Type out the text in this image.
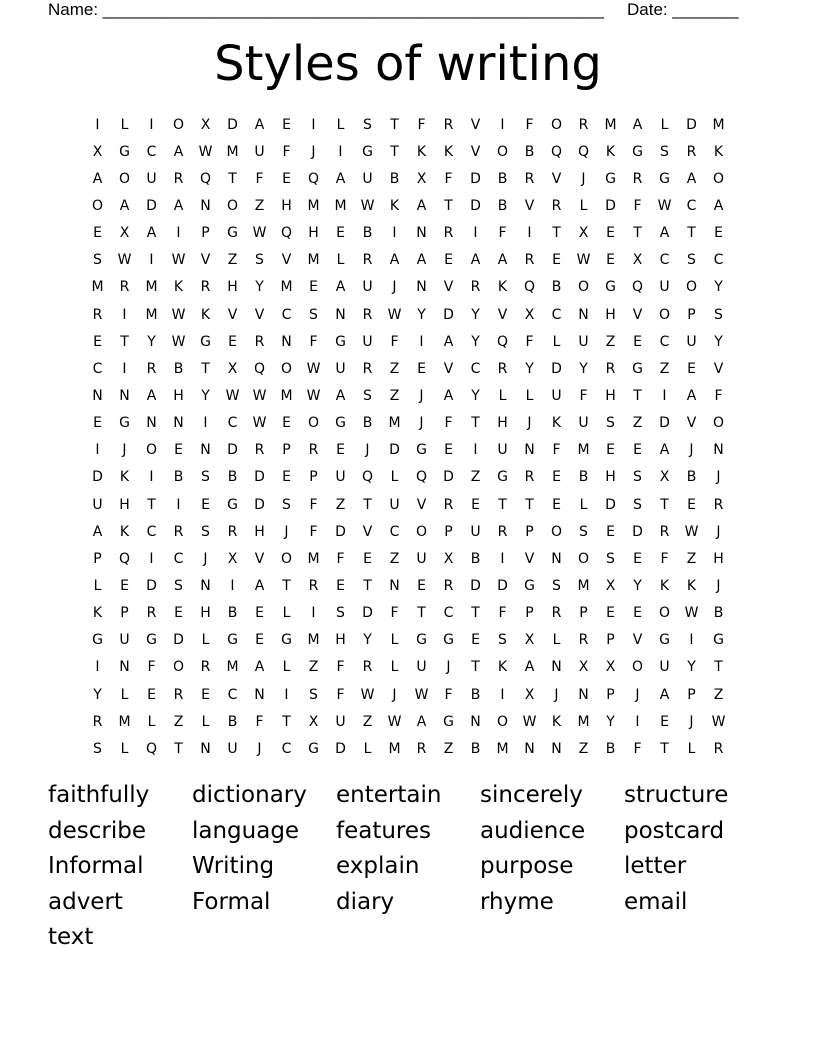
Name: _____________________________________________________ Date: _______
Styles of writing
I	L	I	O	X	D	A	E	I	L	S	T	F	R	V	I	F	O	R	M	A	L	D	M
X	G	C	A	W	M	U	F	J	I	G	T	K	K	V	O	B	Q	Q	K	G	S	R	K
A	O	U	R	Q	T	F	E	Q	A	U	B	X	F	D	B	R	V	J	G	R	G	A	O
O	A	D	A	N	O	Z	H	M	M	W	K	A	T	D	B	V	R	L	D	F	W	C	A
E	X	A	I	P	G	W	Q	H	E	B	I	N	R	I	F	I	T	X	E	T	A	T	E
S	W	I	W	V	Z	S	V	M	L	R	A	A	E	A	A	R	E	W	E	X	C	S	C
M	R	M	K	R	H	Y	M	E	A	U	J	N	V	R	K	Q	B	O	G	Q	U	O	Y
R	I	M	W	K	V	V	C	S	N	R	W	Y	D	Y	V	X	C	N	H	V	O	P	S
E	T	Y	W	G	E	R	N	F	G	U	F	I	A	Y	Q	F	L	U	Z	E	C	U	Y
C	I	R	B	T	X	Q	O	W	U	R	Z	E	V	C	R	Y	D	Y	R	G	Z	E	V
N	N	A	H	Y	W	W	M	W	A	S	Z	J	A	Y	L	L	U	F	H	T	I	A	F
E	G	N	N	I	C	W	E	O	G	B	M	J	F	T	H	J	K	U	S	Z	D	V	O
I	J	O	E	N	D	R	P	R	E	J	D	G	E	I	U	N	F	M	E	E	A	J	N
D	K	I	B	S	B	D	E	P	U	Q	L	Q	D	Z	G	R	E	B	H	S	X	B	J
U	H	T	I	E	G	D	S	F	Z	T	U	V	R	E	T	T	E	L	D	S	T	E	R
A	K	C	R	S	R	H	J	F	D	V	C	O	P	U	R	P	O	S	E	D	R	W	J
P	Q	I	C	J	X	V	O	M	F	E	Z	U	X	B	I	V	N	O	S	E	F	Z	H
L	E	D	S	N	I	A	T	R	E	T	N	E	R	D	D	G	S	M	X	Y	K	K	J
K	P	R	E	H	B	E	L	I	S	D	F	T	C	T	F	P	R	P	E	E	O	W	B
G	U	G	D	L	G	E	G	M	H	Y	L	G	G	E	S	X	L	R	P	V	G	I	G
I	N	F	O	R	M	A	L	Z	F	R	L	U	J	T	K	A	N	X	X	O	U	Y	T
Y	L	E	R	E	C	N	I	S	F	W	J	W	F	B	I	X	J	N	P	J	A	P	Z
R	M	L	Z	L	B	F	T	X	U	Z	W	A	G	N	O	W	K	M	Y	I	E	J	W
S	L	Q	T	N	U	J	C	G	D	L	M	R	Z	B	M	N	N	Z	B	F	T	L	R
faithfully	dictionary	entertain	sincerely	structure
describe	language	features	audience	postcard
Informal	Writing	explain	purpose	letter
advert	Formal	diary	rhyme	email
text
